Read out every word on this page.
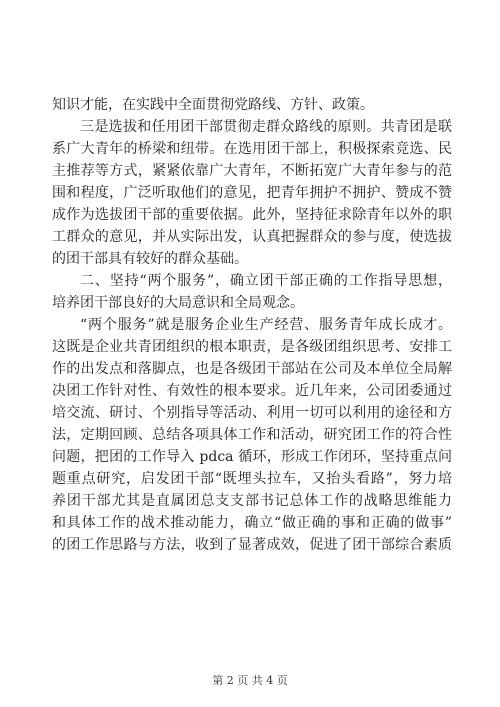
知识才能，在实践中全面贯彻党路线、方针、政策。

三是选拔和任用团干部贯彻走群众路线的原则。共青团是联

系广大青年的桥梁和纽带。在选用团干部上，积极探索竞选、民

主推荐等方式，紧紧依靠广大青年，不断拓宽广大青年参与的范

围和程度，广泛听取他们的意见，把青年拥护不拥护、赞成不赞

成作为选拔团干部的重要依据。此外，坚持征求除青年以外的职

工群众的意见，并从实际出发，认真把握群众的参与度，使选拔

的团干部具有较好的群众基础。

二、坚持“两个服务”，确立团干部正确的工作指导思想，

培养团干部良好的大局意识和全局观念。

“两个服务”就是服务企业生产经营、服务青年成长成才。

这既是企业共青团组织的根本职责，是各级团组织思考、安排工

作的出发点和落脚点，也是各级团干部站在公司及本单位全局解

决团工作针对性、有效性的根本要求。近几年来，公司团委通过

培交流、研讨、个别指导等活动、利用一切可以利用的途径和方

法，定期回顾、总结各项具体工作和活动，研究团工作的符合性

问题，把团的工作导入 pdca 循环，形成工作闭环，坚持重点问

题重点研究，启发团干部“既埋头拉车，又抬头看路”，努力培

养团干部尤其是直属团总支支部书记总体工作的战略思维能力

和具体工作的战术推动能力，确立“做正确的事和正确的做事”

的团工作思路与方法，收到了显著成效，促进了团干部综合素质

第 2 页 共 4 页
